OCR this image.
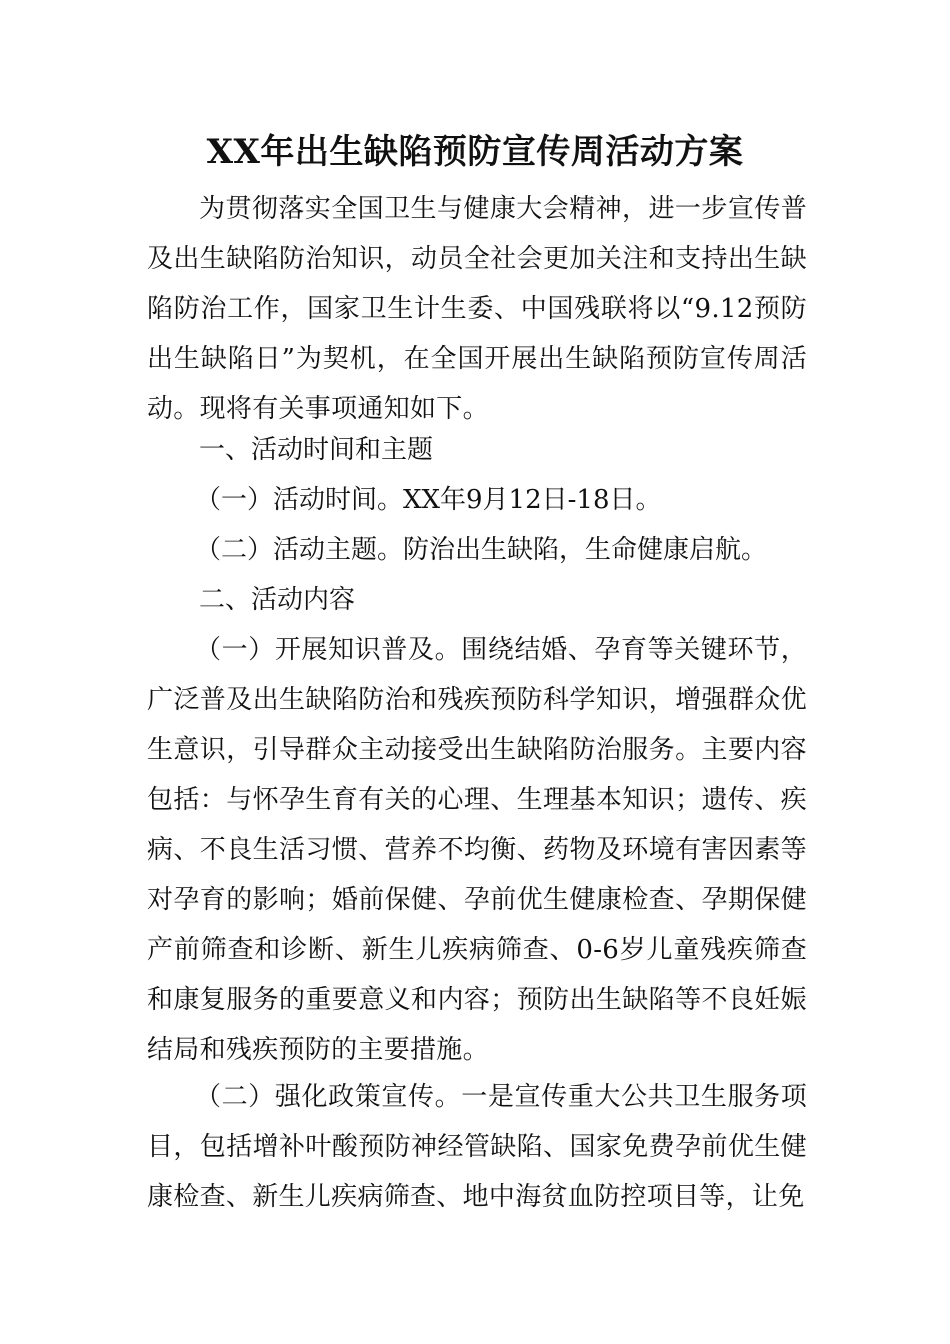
XX年出生缺陷预防宣传周活动方案
为贯彻落实全国卫生与健康大会精神，进一步宣传普及出生缺陷防治知识，动员全社会更加关注和支持出生缺陷防治工作，国家卫生计生委、中国残联将以“9.12预防出生缺陷日”为契机，在全国开展出生缺陷预防宣传周活动。现将有关事项通知如下。
一、活动时间和主题
（一）活动时间。XX年9月12日-18日。
（二）活动主题。防治出生缺陷，生命健康启航。
二、活动内容
（一）开展知识普及。围绕结婚、孕育等关键环节，广泛普及出生缺陷防治和残疾预防科学知识，增强群众优生意识，引导群众主动接受出生缺陷防治服务。主要内容包括：与怀孕生育有关的心理、生理基本知识；遗传、疾病、不良生活习惯、营养不均衡、药物及环境有害因素等对孕育的影响；婚前保健、孕前优生健康检查、孕期保健产前筛查和诊断、新生儿疾病筛查、0-6岁儿童残疾筛查和康复服务的重要意义和内容；预防出生缺陷等不良妊娠结局和残疾预防的主要措施。
（二）强化政策宣传。一是宣传重大公共卫生服务项目，包括增补叶酸预防神经管缺陷、国家免费孕前优生健康检查、新生儿疾病筛查、地中海贫血防控项目等，让免
